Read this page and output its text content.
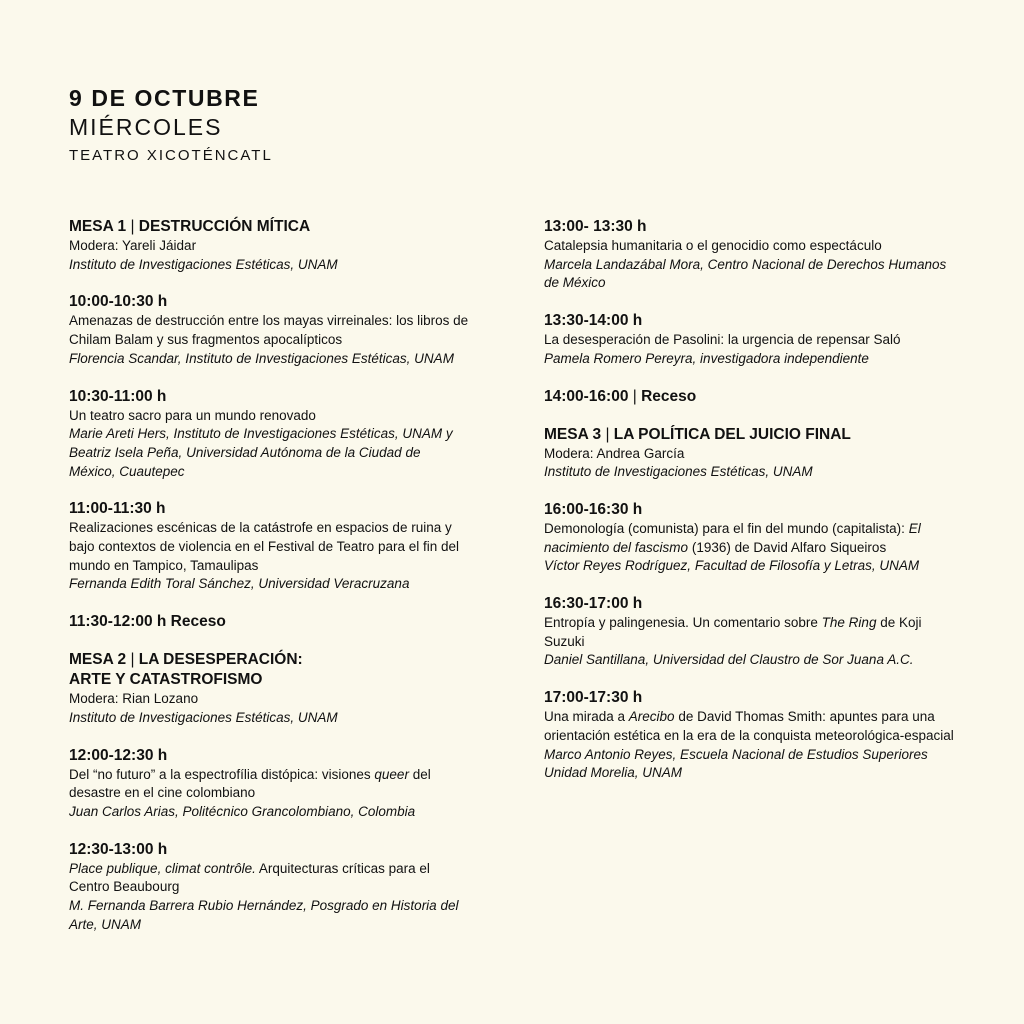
9 DE OCTUBRE
MIÉRCOLES
TEATRO XICOTÉNCATL
MESA 1 | DESTRUCCIÓN MÍTICA
Modera: Yareli Jáidar
Instituto de Investigaciones Estéticas, UNAM
10:00-10:30 h
Amenazas de destrucción entre los mayas virreinales: los libros de Chilam Balam y sus fragmentos apocalípticos
Florencia Scandar, Instituto de Investigaciones Estéticas, UNAM
10:30-11:00 h
Un teatro sacro para un mundo renovado
Marie Areti Hers, Instituto de Investigaciones Estéticas, UNAM y Beatriz Isela Peña, Universidad Autónoma de la Ciudad de México, Cuautepec
11:00-11:30 h
Realizaciones escénicas de la catástrofe en espacios de ruina y bajo contextos de violencia en el Festival de Teatro para el fin del mundo en Tampico, Tamaulipas
Fernanda Edith Toral Sánchez, Universidad Veracruzana
11:30-12:00 h Receso
MESA 2 | LA DESESPERACIÓN:
ARTE Y CATASTROFISMO
Modera: Rian Lozano
Instituto de Investigaciones Estéticas, UNAM
12:00-12:30 h
Del “no futuro” a la espectrofília distópica: visiones queer del desastre en el cine colombiano
Juan Carlos Arias, Politécnico Grancolombiano, Colombia
12:30-13:00 h
Place publique, climat contrôle. Arquitecturas críticas para el Centro Beaubourg
M. Fernanda Barrera Rubio Hernández, Posgrado en Historia del Arte, UNAM
13:00- 13:30 h
Catalepsia humanitaria o el genocidio como espectáculo
Marcela Landazábal Mora, Centro Nacional de Derechos Humanos de México
13:30-14:00 h
La desesperación de Pasolini: la urgencia de repensar Saló
Pamela Romero Pereyra, investigadora independiente
14:00-16:00 | Receso
MESA 3 | LA POLÍTICA DEL JUICIO FINAL
Modera: Andrea García
Instituto de Investigaciones Estéticas, UNAM
16:00-16:30 h
Demonología (comunista) para el fin del mundo (capitalista): El nacimiento del fascismo (1936) de David Alfaro Siqueiros
Víctor Reyes Rodríguez, Facultad de Filosofía y Letras, UNAM
16:30-17:00 h
Entropía y palingenesia. Un comentario sobre The Ring de Koji Suzuki
Daniel Santillana, Universidad del Claustro de Sor Juana A.C.
17:00-17:30 h
Una mirada a Arecibo de David Thomas Smith: apuntes para una orientación estética en la era de la conquista meteorológica-espacial
Marco Antonio Reyes, Escuela Nacional de Estudios Superiores Unidad Morelia, UNAM
